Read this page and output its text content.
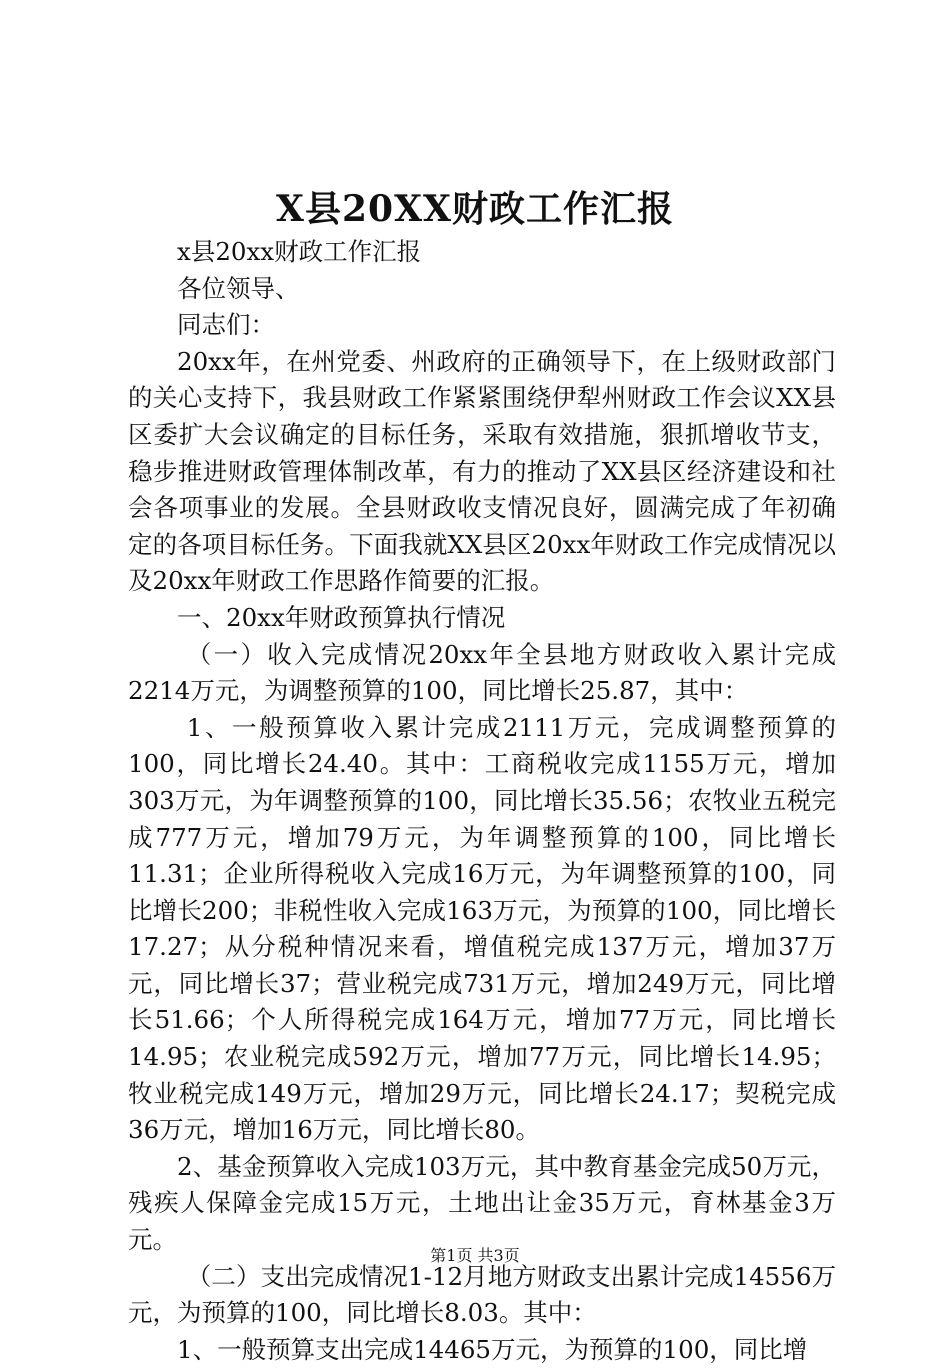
X县20XX财政工作汇报

x县20xx财政工作汇报

各位领导、

同志们：

20xx年，在州党委、州政府的正确领导下，在上级财政部门的关心支持下，我县财政工作紧紧围绕伊犁州财政工作会议XX县区委扩大会议确定的目标任务，采取有效措施，狠抓增收节支，稳步推进财政管理体制改革，有力的推动了XX县区经济建设和社会各项事业的发展。全县财政收支情况良好，圆满完成了年初确定的各项目标任务。下面我就XX县区20xx年财政工作完成情况以及20xx年财政工作思路作简要的汇报。

一、20xx年财政预算执行情况

（一）收入完成情况20xx年全县地方财政收入累计完成2214万元，为调整预算的100，同比增长25.87，其中：

1、一般预算收入累计完成2111万元，完成调整预算的100，同比增长24.40。其中：工商税收完成1155万元，增加303万元，为年调整预算的100，同比增长35.56；农牧业五税完成777万元，增加79万元，为年调整预算的100，同比增长11.31；企业所得税收入完成16万元，为年调整预算的100，同比增长200；非税性收入完成163万元，为预算的100，同比增长17.27；从分税种情况来看，增值税完成137万元，增加37万元，同比增长37；营业税完成731万元，增加249万元，同比增长51.66；个人所得税完成164万元，增加77万元，同比增长14.95；农业税完成592万元，增加77万元，同比增长14.95；牧业税完成149万元，增加29万元，同比增长24.17；契税完成36万元，增加16万元，同比增长80。

2、基金预算收入完成103万元，其中教育基金完成50万元，残疾人保障金完成15万元，土地出让金35万元，育林基金3万元。

（二）支出完成情况1-12月地方财政支出累计完成14556万元，为预算的100，同比增长8.03。其中：

1、一般预算支出完成14465万元，为预算的100，同比增

第1页 共3页
